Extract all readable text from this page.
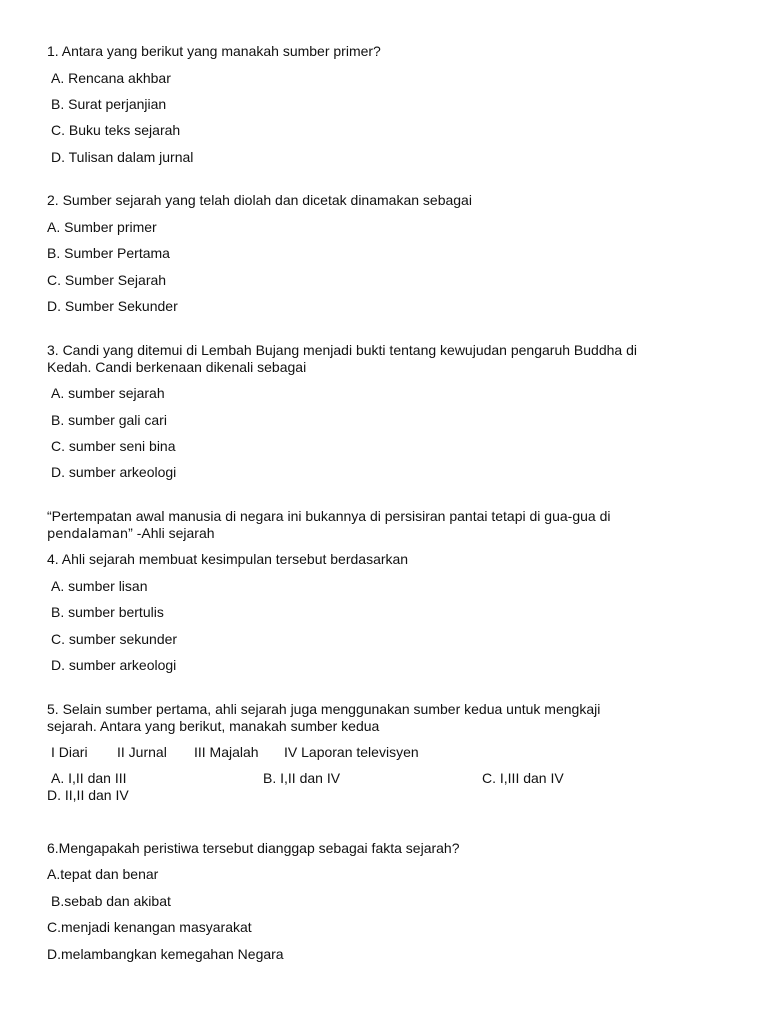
1. Antara yang berikut yang manakah sumber primer?
A. Rencana akhbar
B. Surat perjanjian
C. Buku teks sejarah
D. Tulisan dalam jurnal
2. Sumber sejarah yang telah diolah dan dicetak dinamakan sebagai
A. Sumber primer
B. Sumber Pertama
C. Sumber Sejarah
D. Sumber Sekunder
3. Candi yang ditemui di Lembah Bujang menjadi bukti tentang kewujudan pengaruh Buddha di
Kedah. Candi berkenaan dikenali sebagai
A. sumber sejarah
B. sumber gali cari
C. sumber seni bina
D. sumber arkeologi
“Pertempatan awal manusia di negara ini bukannya di persisiran pantai tetapi di gua-gua di
pendalaman” -Ahli sejarah
4. Ahli sejarah membuat kesimpulan tersebut berdasarkan
A. sumber lisan
B. sumber bertulis
C. sumber sekunder
D. sumber arkeologi
5. Selain sumber pertama, ahli sejarah juga menggunakan sumber kedua untuk mengkaji
sejarah. Antara yang berikut, manakah sumber kedua
I Diari II Jurnal III Majalah IV Laporan televisyen
A. I,II dan III	B. I,II dan IV	C. I,III dan IV
D. II,II dan IV
6.Mengapakah peristiwa tersebut dianggap sebagai fakta sejarah?
A.tepat dan benar
B.sebab dan akibat
C.menjadi kenangan masyarakat
D.melambangkan kemegahan Negara
